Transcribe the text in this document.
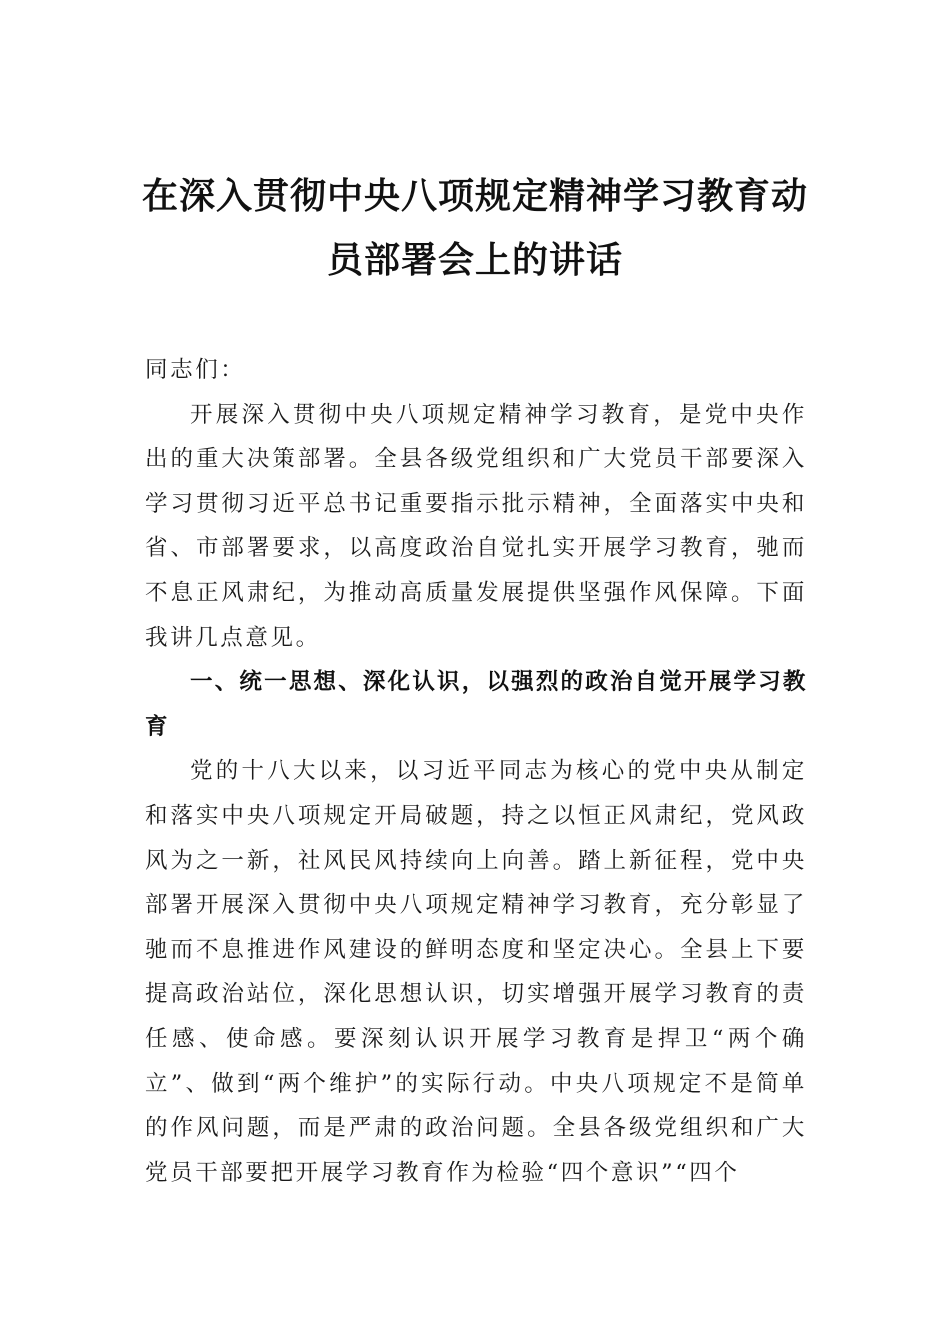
在深入贯彻中央八项规定精神学习教育动
员部署会上的讲话

同志们：

开展深入贯彻中央八项规定精神学习教育，是党中央作出的重大决策部署。全县各级党组织和广大党员干部要深入学习贯彻习近平总书记重要指示批示精神，全面落实中央和省、市部署要求，以高度政治自觉扎实开展学习教育，驰而不息正风肃纪，为推动高质量发展提供坚强作风保障。下面我讲几点意见。

一、统一思想、深化认识，以强烈的政治自觉开展学习教育

党的十八大以来，以习近平同志为核心的党中央从制定和落实中央八项规定开局破题，持之以恒正风肃纪，党风政风为之一新，社风民风持续向上向善。踏上新征程，党中央部署开展深入贯彻中央八项规定精神学习教育，充分彰显了驰而不息推进作风建设的鲜明态度和坚定决心。全县上下要提高政治站位，深化思想认识，切实增强开展学习教育的责任感、使命感。要深刻认识开展学习教育是捍卫“两个确立”、做到“两个维护”的实际行动。中央八项规定不是简单的作风问题，而是严肃的政治问题。全县各级党组织和广大党员干部要把开展学习教育作为检验“四个意识”“四个
